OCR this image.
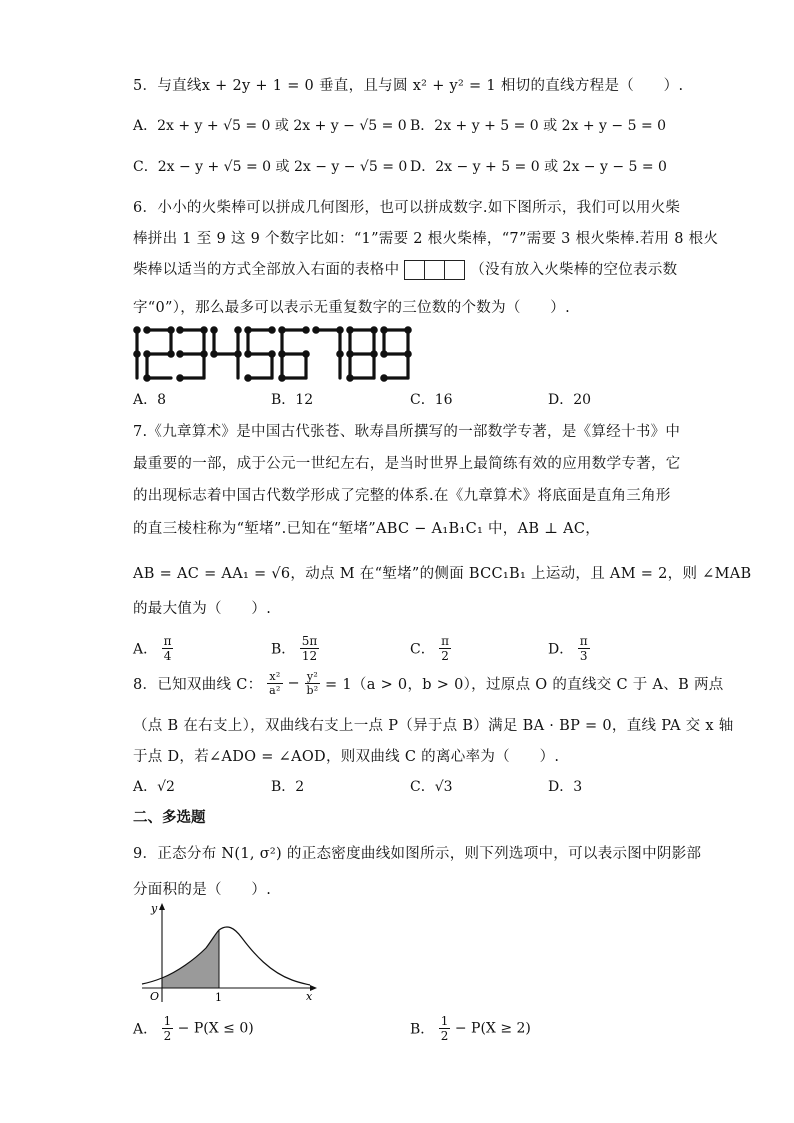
5．与直线x + 2y + 1 = 0 垂直，且与圆 x² + y² = 1 相切的直线方程是（　　）.
A．2x + y + √5 = 0 或 2x + y − √5 = 0 B．2x + y + 5 = 0 或 2x + y − 5 = 0
C．2x − y + √5 = 0 或 2x − y − √5 = 0 D．2x − y + 5 = 0 或 2x − y − 5 = 0
6．小小的火柴棒可以拼成几何图形，也可以拼成数字.如下图所示，我们可以用火柴
棒拼出 1 至 9 这 9 个数字比如：“1”需要 2 根火柴棒，“7”需要 3 根火柴棒.若用 8 根火
柴棒以适当的方式全部放入右面的表格中	（没有放入火柴棒的空位表示数
字“0”），那么最多可以表示无重复数字的三位数的个数为（　　）.
A．8	B．12	C．16	D．20
7.《九章算术》是中国古代张苍、耿寿昌所撰写的一部数学专著，是《算经十书》中
最重要的一部，成于公元一世纪左右，是当时世界上最简练有效的应用数学专著，它
的出现标志着中国古代数学形成了完整的体系.在《九章算术》将底面是直角三角形
的直三棱柱称为“堑堵”.已知在“堑堵”ABC − A₁B₁C₁ 中，AB ⊥ AC，
AB = AC = AA₁ = √6，动点 M 在“堑堵”的侧面 BCC₁B₁ 上运动，且 AM = 2，则 ∠MAB
的最大值为（　　）.
A． $\frac{\pi}{4}$	B． $\frac{5\pi}{12}$	C． $\frac{\pi}{2}$	D． $\frac{\pi}{3}$
8．已知双曲线 C： $\frac{\text{x²}}{\text{a²}} - \frac{\text{y²}}{\text{b²}} = 1(a > 0$，b > 0），过原点 O 的直线交 C 于 A、B 两点
（点 B 在右支上），双曲线右支上一点 P（异于点 B）满足 BA · BP = 0，直线 PA 交 x 轴
于点 D，若∠ADO = ∠AOD，则双曲线 C 的离心率为（　　）.
A．√2	B．2	C．√3	D．3
二、多选题
9．正态分布 N(1, σ²) 的正态密度曲线如图所示，则下列选项中，可以表示图中阴影部
分面积的是（　　）.
y
x
O	1
A． $\frac{1}{2} - P(X \le 0)$	B． $\frac{1}{2} - P(X \ge 2)$
